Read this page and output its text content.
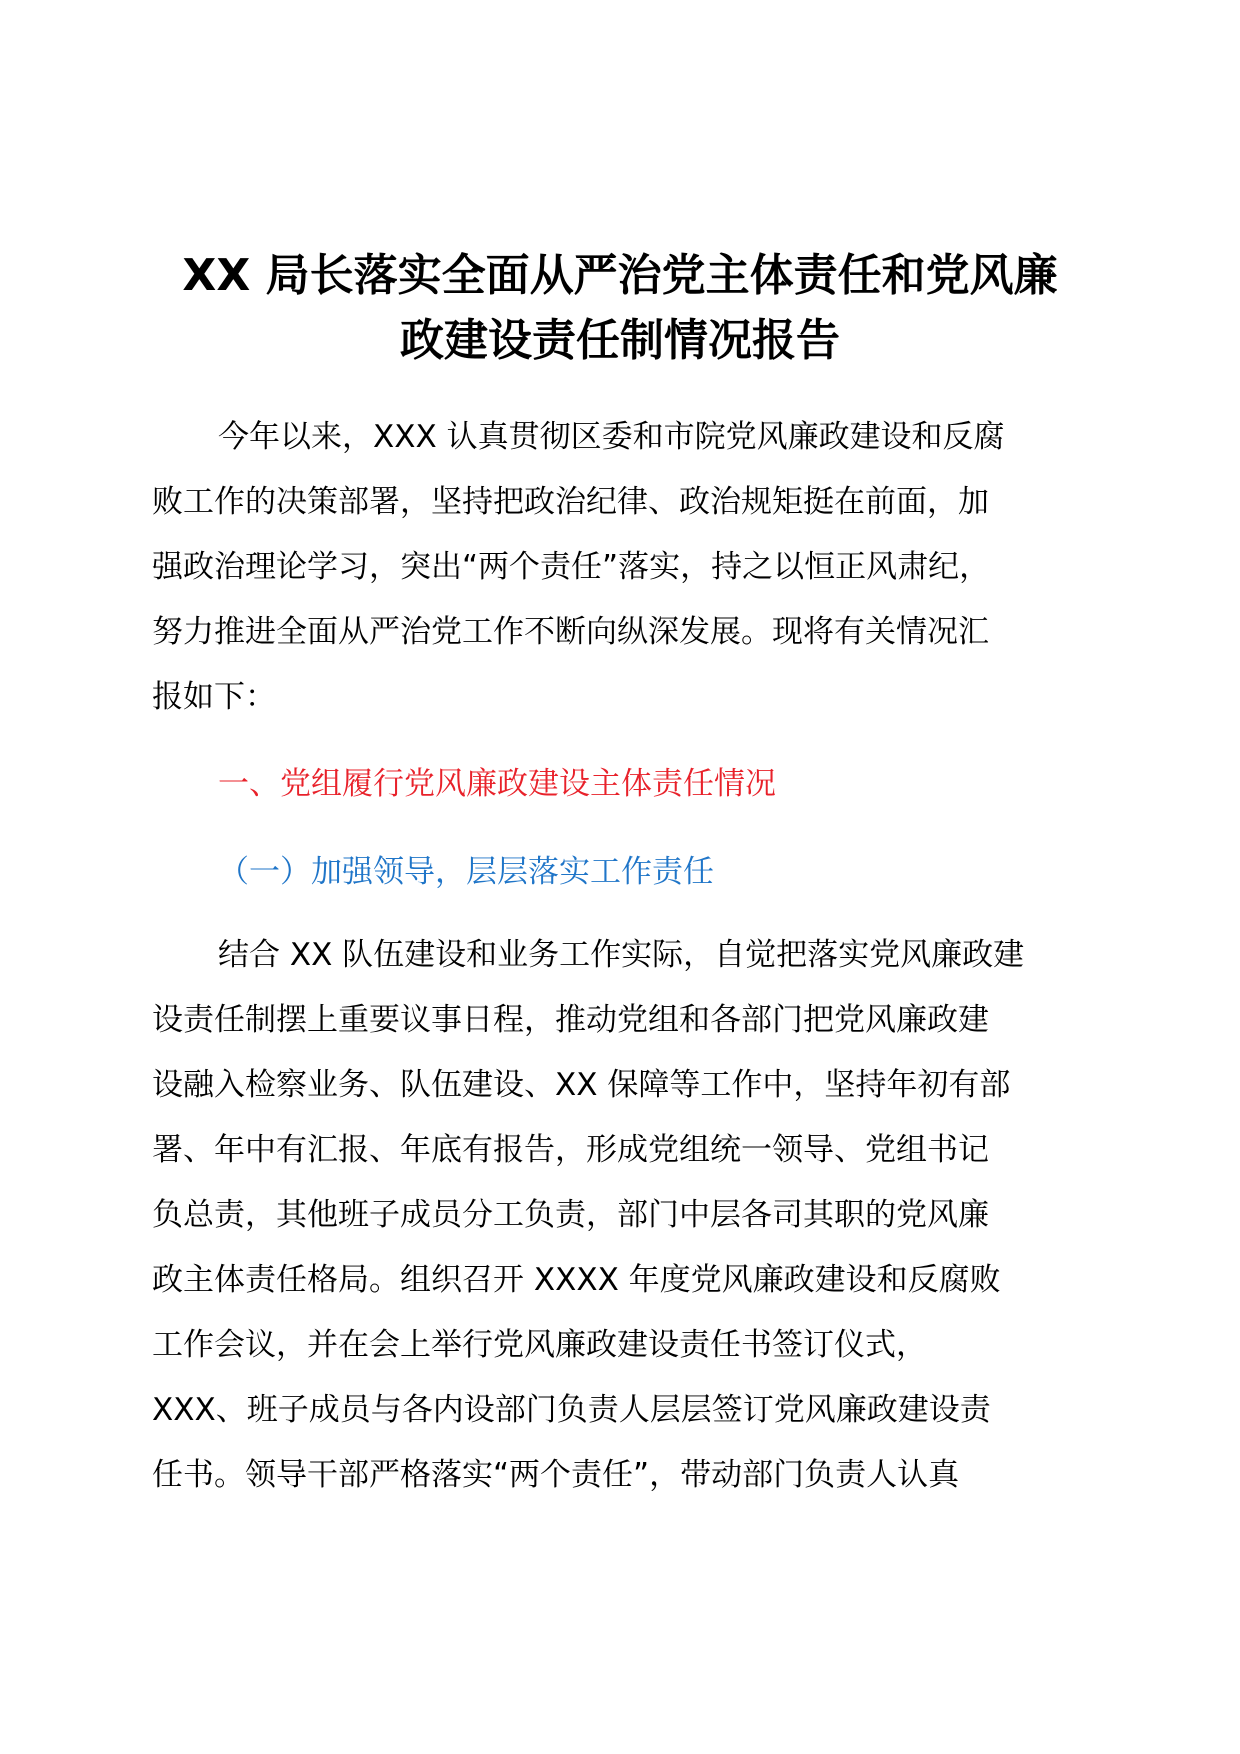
XX 局长落实全面从严治党主体责任和党风廉
政建设责任制情况报告
今年以来，XXX 认真贯彻区委和市院党风廉政建设和反腐
败工作的决策部署，坚持把政治纪律、政治规矩挺在前面，加
强政治理论学习，突出“两个责任”落实，持之以恒正风肃纪，
努力推进全面从严治党工作不断向纵深发展。现将有关情况汇
报如下：
一、党组履行党风廉政建设主体责任情况
（一）加强领导，层层落实工作责任
结合 XX 队伍建设和业务工作实际，自觉把落实党风廉政建
设责任制摆上重要议事日程，推动党组和各部门把党风廉政建
设融入检察业务、队伍建设、XX 保障等工作中，坚持年初有部
署、年中有汇报、年底有报告，形成党组统一领导、党组书记
负总责，其他班子成员分工负责，部门中层各司其职的党风廉
政主体责任格局。组织召开 XXXX 年度党风廉政建设和反腐败
工作会议，并在会上举行党风廉政建设责任书签订仪式，
XXX、班子成员与各内设部门负责人层层签订党风廉政建设责
任书。领导干部严格落实“两个责任”，带动部门负责人认真
